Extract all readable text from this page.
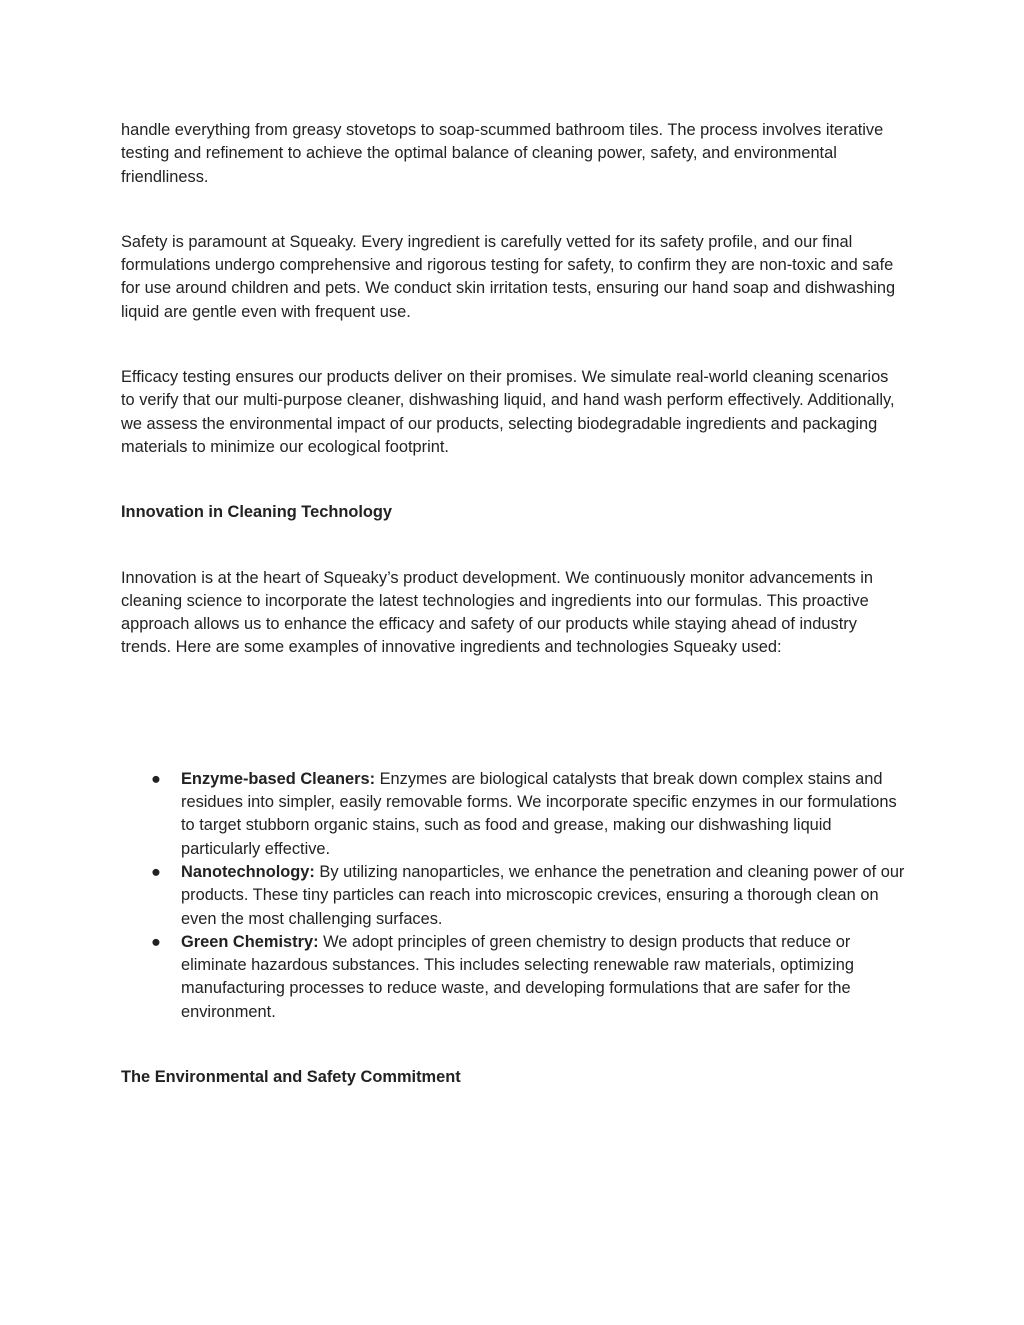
handle everything from greasy stovetops to soap-scummed bathroom tiles. The process involves iterative testing and refinement to achieve the optimal balance of cleaning power, safety, and environmental friendliness.

Safety is paramount at Squeaky. Every ingredient is carefully vetted for its safety profile, and our final formulations undergo comprehensive and rigorous testing for safety, to confirm they are non-toxic and safe for use around children and pets. We conduct skin irritation tests, ensuring our hand soap and dishwashing liquid are gentle even with frequent use.

Efficacy testing ensures our products deliver on their promises. We simulate real-world cleaning scenarios to verify that our multi-purpose cleaner, dishwashing liquid, and hand wash perform effectively. Additionally, we assess the environmental impact of our products, selecting biodegradable ingredients and packaging materials to minimize our ecological footprint.

Innovation in Cleaning Technology

Innovation is at the heart of Squeaky’s product development. We continuously monitor advancements in cleaning science to incorporate the latest technologies and ingredients into our formulas. This proactive approach allows us to enhance the efficacy and safety of our products while staying ahead of industry trends. Here are some examples of innovative ingredients and technologies Squeaky used:

● Enzyme-based Cleaners: Enzymes are biological catalysts that break down complex stains and residues into simpler, easily removable forms. We incorporate specific enzymes in our formulations to target stubborn organic stains, such as food and grease, making our dishwashing liquid particularly effective.
● Nanotechnology: By utilizing nanoparticles, we enhance the penetration and cleaning power of our products. These tiny particles can reach into microscopic crevices, ensuring a thorough clean on even the most challenging surfaces.
● Green Chemistry: We adopt principles of green chemistry to design products that reduce or eliminate hazardous substances. This includes selecting renewable raw materials, optimizing manufacturing processes to reduce waste, and developing formulations that are safer for the environment.

The Environmental and Safety Commitment
